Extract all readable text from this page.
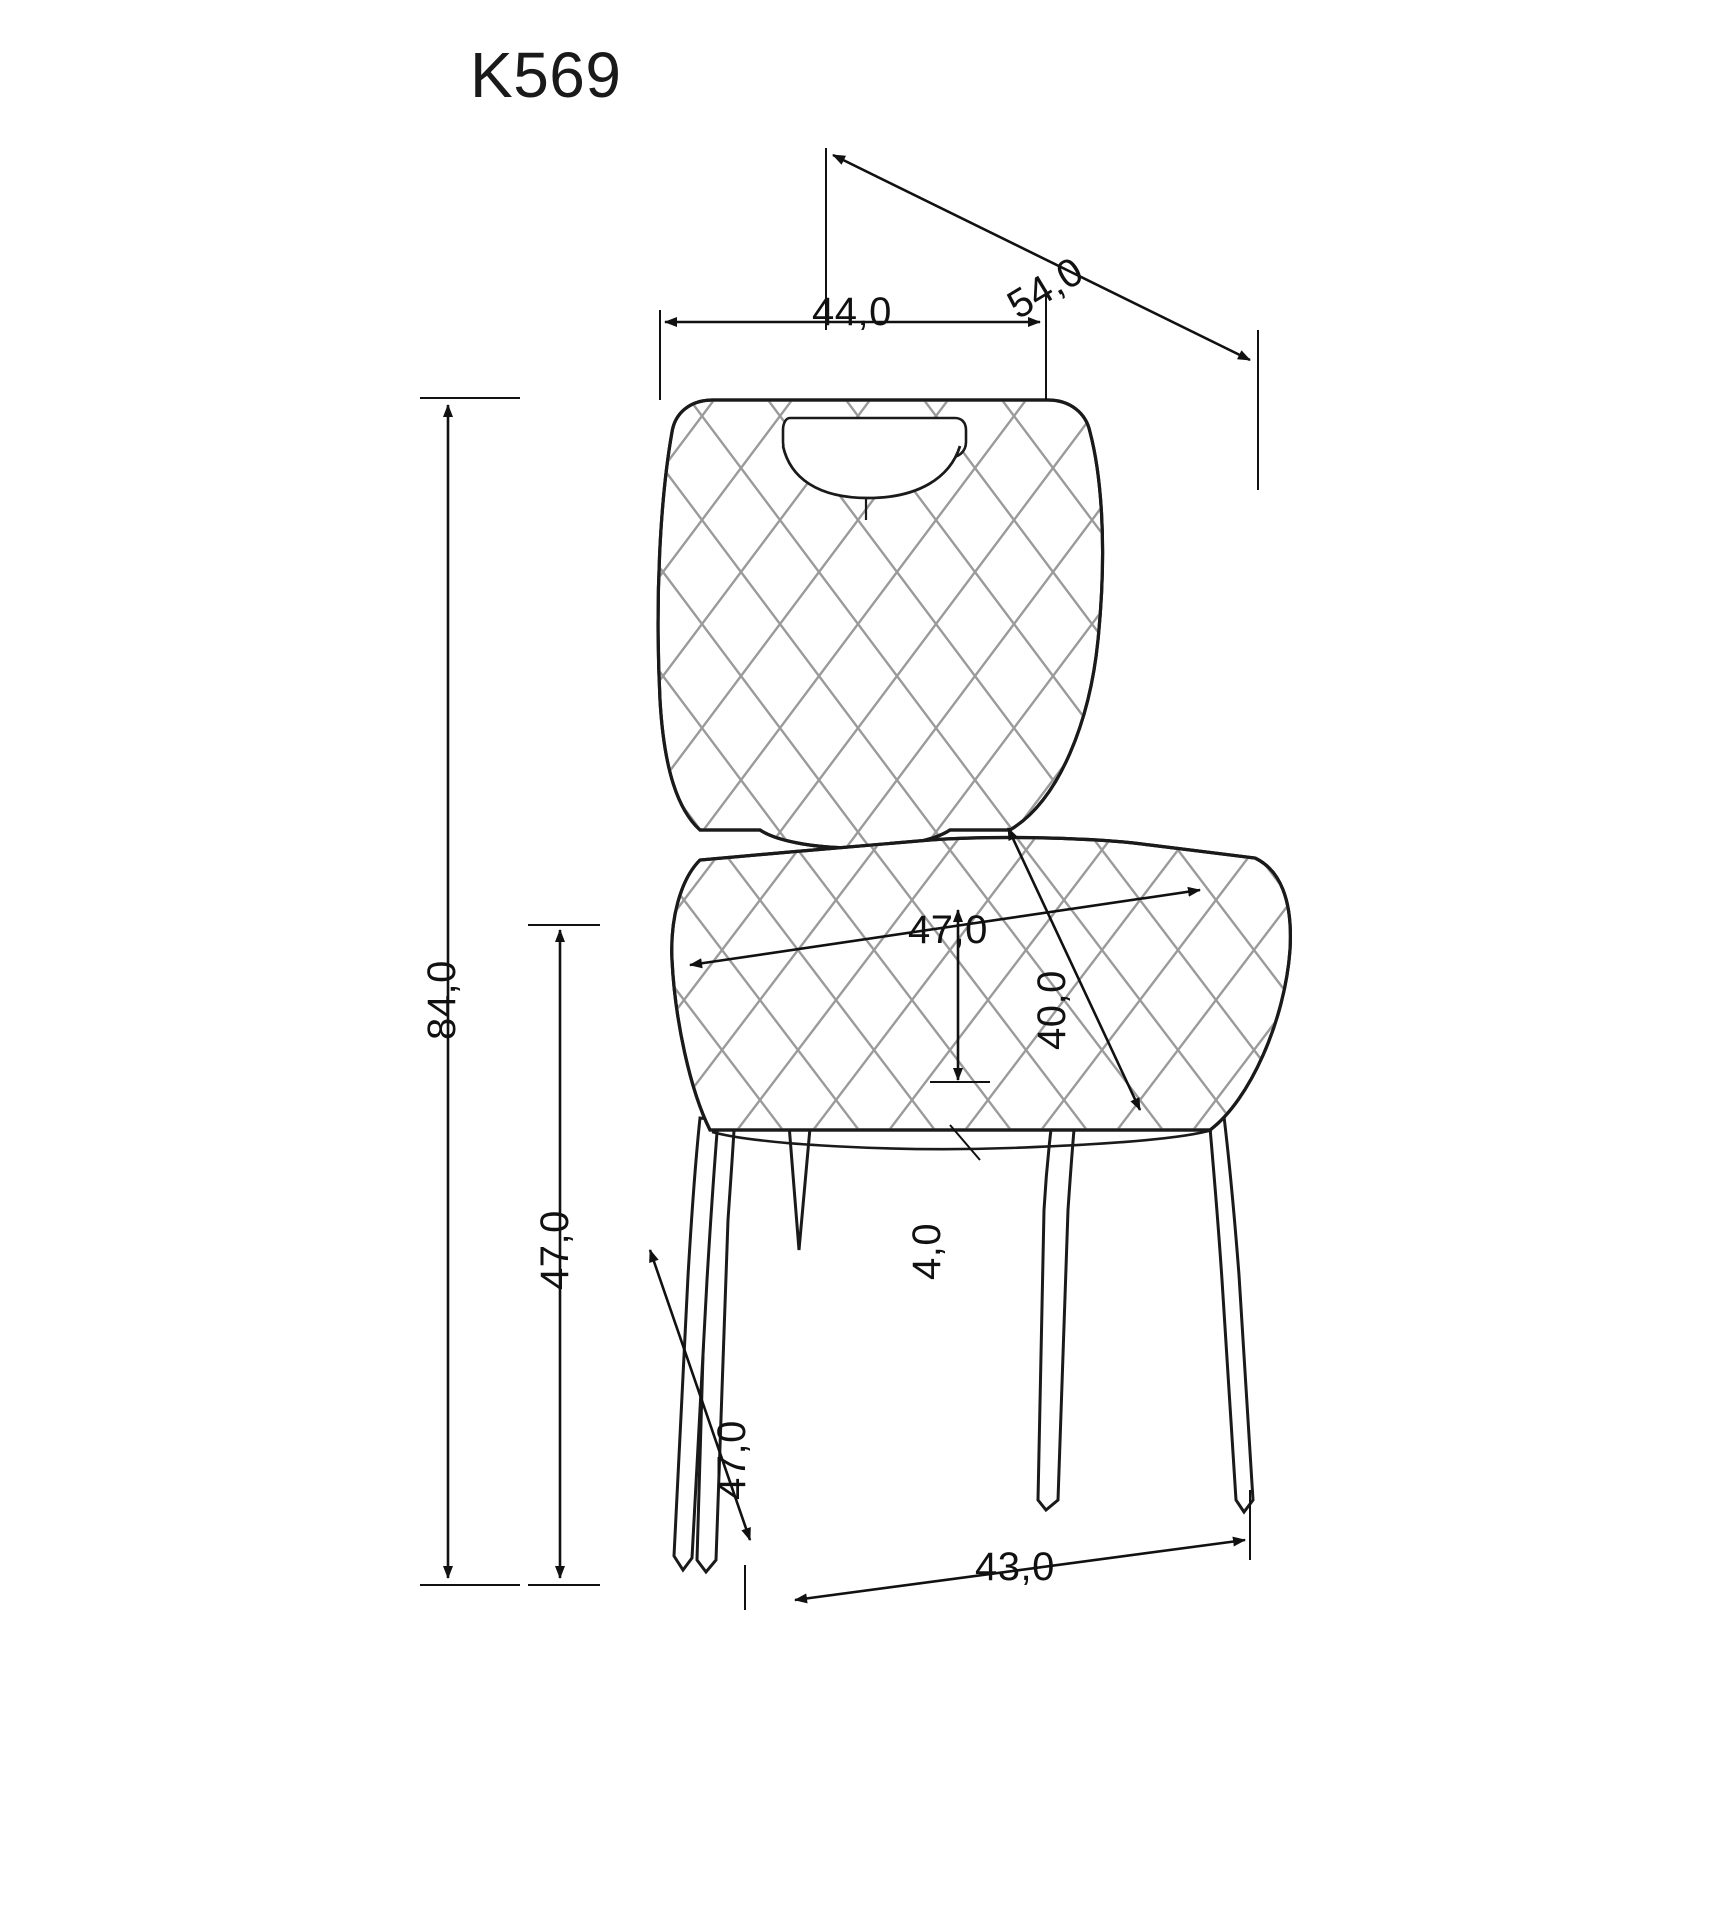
K569
54,0
44,0
84,0
47,0
47,0
40,0
4,0
47,0
43,0
